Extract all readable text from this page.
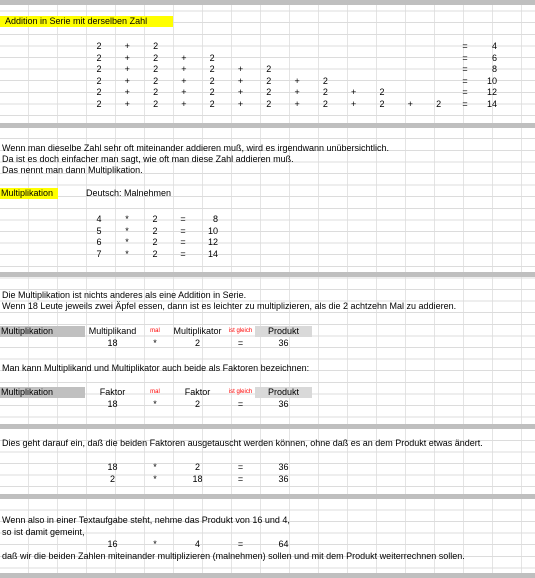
Addition in Serie mit derselben Zahl
2	+	2	=	4
2	+	2	+	2	=	6
2	+	2	+	2	+	2	=	8
2	+	2	+	2	+	2	+	2	=	10
2	+	2	+	2	+	2	+	2	+	2	=	12
2	+	2	+	2	+	2	+	2	+	2	+	2	=	14
Wenn man dieselbe Zahl sehr oft miteinander addieren muß, wird es irgendwann unübersichtlich.
Da ist es doch einfacher man sagt, wie oft man diese Zahl addieren muß.
Das nennt man dann Multiplikation.
Multiplikation	Deutsch: Malnehmen
4	*	2	=	8
5	*	2	=	10
6	*	2	=	12
7	*	2	=	14
Die Multiplikation ist nichts anderes als eine Addition in Serie.
Wenn 18 Leute jeweils zwei Äpfel essen, dann ist es leichter zu multiplizieren, als die 2 achtzehn Mal zu addieren.
Multiplikation	Multiplikand	mal	Multiplikator	ist gleich	Produkt
18	*	2	=	36
Man kann Multiplikand und Multiplikator auch beide als Faktoren bezeichnen:
Multiplikation	Faktor	mal	Faktor	ist gleich	Produkt
18	*	2	=	36
Dies geht darauf ein, daß die beiden Faktoren ausgetauscht werden können, ohne daß es an dem Produkt etwas ändert.
18	*	2	=	36
2	*	18	=	36
Wenn also in einer Textaufgabe steht, nehme das Produkt von 16 und 4,
so ist damit gemeint,
16	*	4	=	64
daß wir die beiden Zahlen miteinander multiplizieren (malnehmen) sollen und mit dem Produkt weiterrechnen sollen.
